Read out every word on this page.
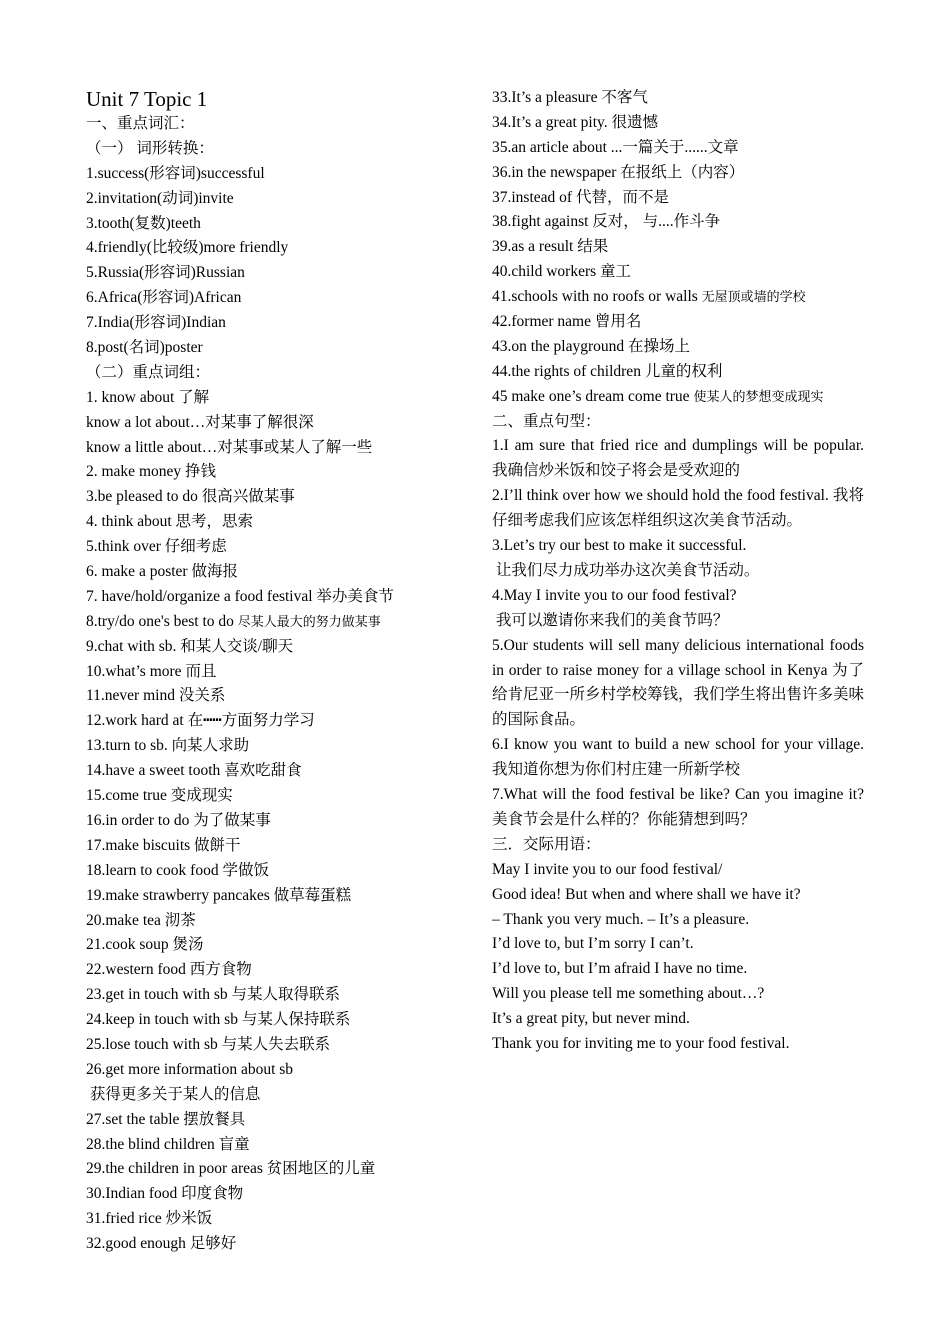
Unit 7 Topic 1
一、重点词汇：
（一） 词形转换：
1.success(形容词)successful
2.invitation(动词)invite
3.tooth(复数)teeth
4.friendly(比较级)more friendly
5.Russia(形容词)Russian
6.Africa(形容词)African
7.India(形容词)Indian
8.post(名词)poster
（二）重点词组：
1. know about 了解
know a lot about…对某事了解很深
know a little about…对某事或某人了解一些
2. make money 挣钱
3.be pleased to do 很高兴做某事
4. think about 思考，思索
5.think over 仔细考虑
6. make a poster 做海报
7. have/hold/organize a food festival 举办美食节
8.try/do one's best to do 尽某人最大的努力做某事
9.chat with sb. 和某人交谈/聊天
10.what’s more 而且
11.never mind 没关系
12.work hard at 在┅┅方面努力学习
13.turn to sb. 向某人求助
14.have a sweet tooth 喜欢吃甜食
15.come true 变成现实
16.in order to do 为了做某事
17.make biscuits 做餅干
18.learn to cook food 学做饭
19.make strawberry pancakes 做草莓蛋糕
20.make tea 沏茶
21.cook soup 煲汤
22.western food 西方食物
23.get in touch with sb 与某人取得联系
24.keep in touch with sb 与某人保持联系
25.lose touch with sb 与某人失去联系
26.get more information about sb
获得更多关于某人的信息
27.set the table 摆放餐具
28.the blind children 盲童
29.the children in poor areas 贫困地区的儿童
30.Indian food 印度食物
31.fried rice 炒米饭
32.good enough 足够好
33.It’s a pleasure 不客气
34.It’s a great pity. 很遗憾
35.an article about ...一篇关于......文章
36.in the newspaper 在报纸上（内容）
37.instead of 代替，而不是
38.fight against 反对， 与....作斗争
39.as a result 结果
40.child workers 童工
41.schools with no roofs or walls 无屋顶或墙的学校
42.former name 曾用名
43.on the playground 在操场上
44.the rights of children 儿童的权利
45 make one’s dream come true 使某人的梦想变成现实
二、重点句型：
1.I am sure that fried rice and dumplings will be popular. 我确信炒米饭和饺子将会是受欢迎的
2.I’ll think over how we should hold the food festival. 我将仔细考虑我们应该怎样组织这次美食节活动。
3.Let’s try our best to make it successful.
让我们尽力成功举办这次美食节活动。
4.May I invite you to our food festival?
我可以邀请你来我们的美食节吗？
5.Our students will sell many delicious international foods in order to raise money for a village school in Kenya 为了给肯尼亚一所乡村学校筹钱，我们学生将出售许多美味的国际食品。
6.I know you want to build a new school for your village. 我知道你想为你们村庄建一所新学校
7.What will the food festival be like? Can you imagine it? 美食节会是什么样的？你能猜想到吗？
三．交际用语：
May I invite you to our food festival/
Good idea! But when and where shall we have it?
– Thank you very much. – It’s a pleasure.
I’d love to, but I’m sorry I can’t.
I’d love to, but I’m afraid I have no time.
Will you please tell me something about…?
It’s a great pity, but never mind.
Thank you for inviting me to your food festival.
